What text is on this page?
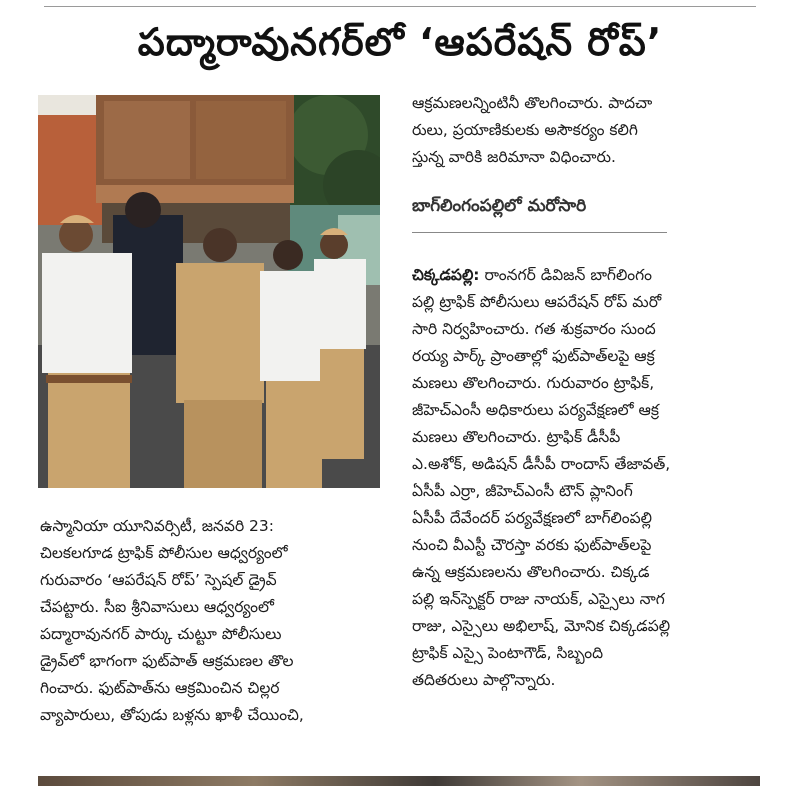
పద్మారావునగర్‌లో ‘ఆపరేషన్ రోప్’

ఉస్మానియా యూనివర్సిటీ, జనవరి 23:

చిలకలగూడ ట్రాఫిక్ పోలీసుల ఆధ్వర్యంలో

గురువారం ‘ఆపరేషన్ రోప్’ స్పెషల్ డ్రైవ్

చేపట్టారు. సీఐ శ్రీనివాసులు ఆధ్వర్యంలో

పద్మారావునగర్ పార్కు చుట్టూ పోలీసులు

డ్రైవ్‌లో భాగంగా ఫుట్‌పాత్ ఆక్రమణల తొల

గించారు. ఫుట్‌పాత్‌ను ఆక్రమించిన చిల్లర

వ్యాపారులు, తోపుడు బళ్లను ఖాళీ చేయించి,

ఆక్రమణలన్నింటినీ తొలగించారు. పాదచా

రులు, ప్రయాణికులకు అసౌకర్యం కలిగి

స్తున్న వారికి జరిమానా విధించారు.

బాగ్‌లింగంపల్లిలో మరోసారి

చిక్కడపల్లి: రాంనగర్ డివిజన్ బాగ్‌లింగం

పల్లి ట్రాఫిక్ పోలీసులు ఆపరేషన్ రోప్ మరో

సారి నిర్వహించారు. గత శుక్రవారం సుంద

రయ్య పార్క్ ప్రాంతాల్లో ఫుట్‌పాత్‌లపై ఆక్ర

మణలు తొలగించారు. గురువారం ట్రాఫిక్,

జీహెచ్‌ఎంసీ అధికారులు పర్యవేక్షణలో ఆక్ర

మణలు తొలగించారు. ట్రాఫిక్ డీసీపీ

ఎ.అశోక్, అడిషన్ డీసీపీ రాందాస్ తేజావత్,

ఏసీపీ ఎర్రా, జీహెచ్‌ఎంసీ టౌన్ ప్లానింగ్

ఏసీపీ దేవేందర్ పర్యవేక్షణలో బాగ్‌లింపల్లి

నుంచి వీఎస్టీ చౌరస్తా వరకు ఫుట్‌పాత్‌లపై

ఉన్న ఆక్రమణలను తొలగించారు. చిక్కడ

పల్లి ఇన్‌స్పెక్టర్ రాజు నాయక్, ఎస్సైలు నాగ

రాజు, ఎస్సైలు అభిలాష్, మోనిక చిక్కడపల్లి

ట్రాఫిక్ ఎస్సై పెంటాగౌడ్, సిబ్బంది

తదితరులు పాల్గొన్నారు.
